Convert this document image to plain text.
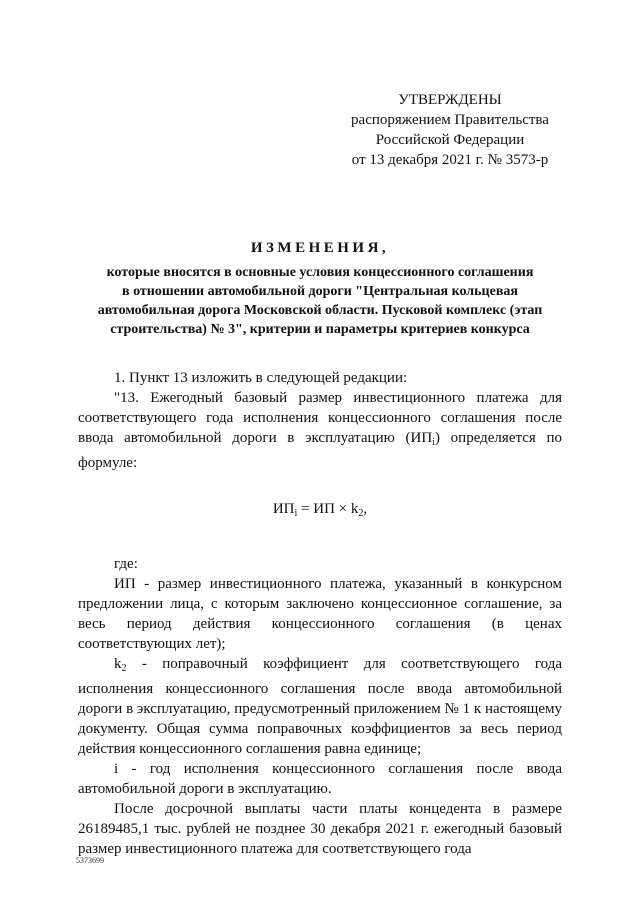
УТВЕРЖДЕНЫ
распоряжением Правительства
Российской Федерации
от 13 декабря 2021 г. № 3573-р
ИЗМЕНЕНИЯ,
которые вносятся в основные условия концессионного соглашения
в отношении автомобильной дороги "Центральная кольцевая
автомобильная дорога Московской области. Пусковой комплекс (этап
строительства) № 3", критерии и параметры критериев конкурса

1. Пункт 13 изложить в следующей редакции:

"13. Ежегодный базовый размер инвестиционного платежа для соответствующего года исполнения концессионного соглашения после ввода автомобильной дороги в эксплуатацию $(ИП_i)$ определяется по формуле:

$ИП_i$ = ИП × $k_2$,

где:

ИП - размер инвестиционного платежа, указанный в конкурсном предложении лица, с которым заключено концессионное соглашение, за весь период действия концессионного соглашения (в ценах соответствующих лет);

$k_2$ - поправочный коэффициент для соответствующего года исполнения концессионного соглашения после ввода автомобильной дороги в эксплуатацию, предусмотренный приложением № 1 к настоящему документу. Общая сумма поправочных коэффициентов за весь период действия концессионного соглашения равна единице;

i - год исполнения концессионного соглашения после ввода автомобильной дороги в эксплуатацию.

После досрочной выплаты части платы концедента в размере 26189485,1 тыс. рублей не позднее 30 декабря 2021 г. ежегодный базовый размер инвестиционного платежа для соответствующего года

5373699
